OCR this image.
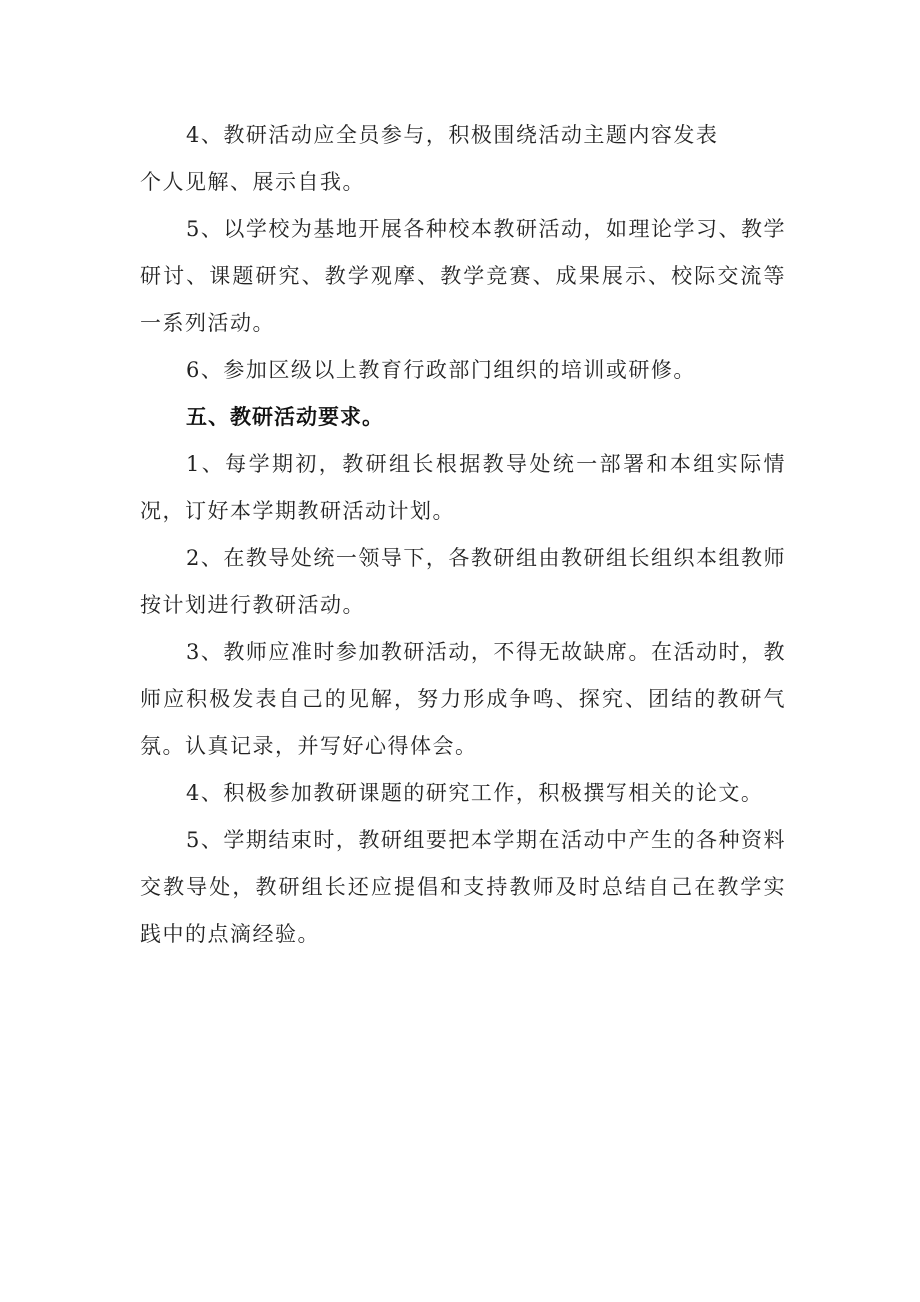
4、教研活动应全员参与，积极围绕活动主题内容发表

个人见解、展示自我。

5、以学校为基地开展各种校本教研活动，如理论学习、教学研讨、课题研究、教学观摩、教学竞赛、成果展示、校际交流等一系列活动。

6、参加区级以上教育行政部门组织的培训或研修。

五、教研活动要求。

1、每学期初，教研组长根据教导处统一部署和本组实际情况，订好本学期教研活动计划。

2、在教导处统一领导下，各教研组由教研组长组织本组教师按计划进行教研活动。

3、教师应准时参加教研活动，不得无故缺席。在活动时，教师应积极发表自己的见解，努力形成争鸣、探究、团结的教研气氛。认真记录，并写好心得体会。

4、积极参加教研课题的研究工作，积极撰写相关的论文。

5、学期结束时，教研组要把本学期在活动中产生的各种资料交教导处，教研组长还应提倡和支持教师及时总结自己在教学实践中的点滴经验。
